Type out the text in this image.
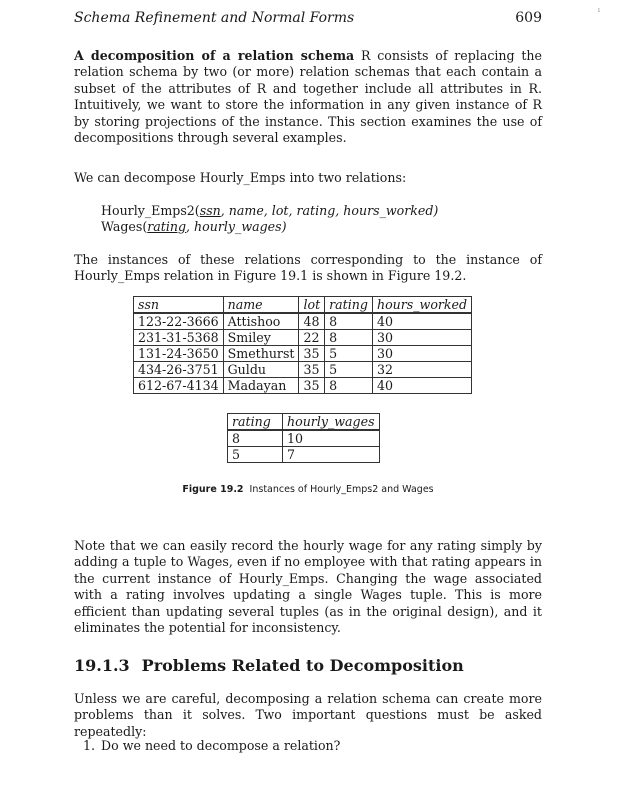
Schema Refinement and Normal Forms	609	ı

A decomposition of a relation schema R consists of replacing the relation schema by two (or more) relation schemas that each contain a subset of the attributes of R and together include all attributes in R. Intuitively, we want to store the information in any given instance of R by storing projections of the instance. This section examines the use of decompositions through several examples.

We can decompose Hourly_Emps into two relations:

Hourly_Emps2(ssn, name, lot, rating, hours_worked)
Wages(rating, hourly_wages)

The instances of these relations corresponding to the instance of Hourly_Emps relation in Figure 19.1 is shown in Figure 19.2.

ssn	name	lot	rating	hours_worked
123-22-3666	Attishoo	48	8	40
231-31-5368	Smiley	22	8	30
131-24-3650	Smethurst	35	5	30
434-26-3751	Guldu	35	5	32
612-67-4134	Madayan	35	8	40
rating	hourly_wages
8	10
5	7
Figure 19.2 Instances of Hourly_Emps2 and Wages

Note that we can easily record the hourly wage for any rating simply by adding a tuple to Wages, even if no employee with that rating appears in the current instance of Hourly_Emps. Changing the wage associated with a rating involves updating a single Wages tuple. This is more efficient than updating several tuples (as in the original design), and it eliminates the potential for inconsistency.

19.1.3 Problems Related to Decomposition

Unless we are careful, decomposing a relation schema can create more problems than it solves. Two important questions must be asked repeatedly:

1. Do we need to decompose a relation?
